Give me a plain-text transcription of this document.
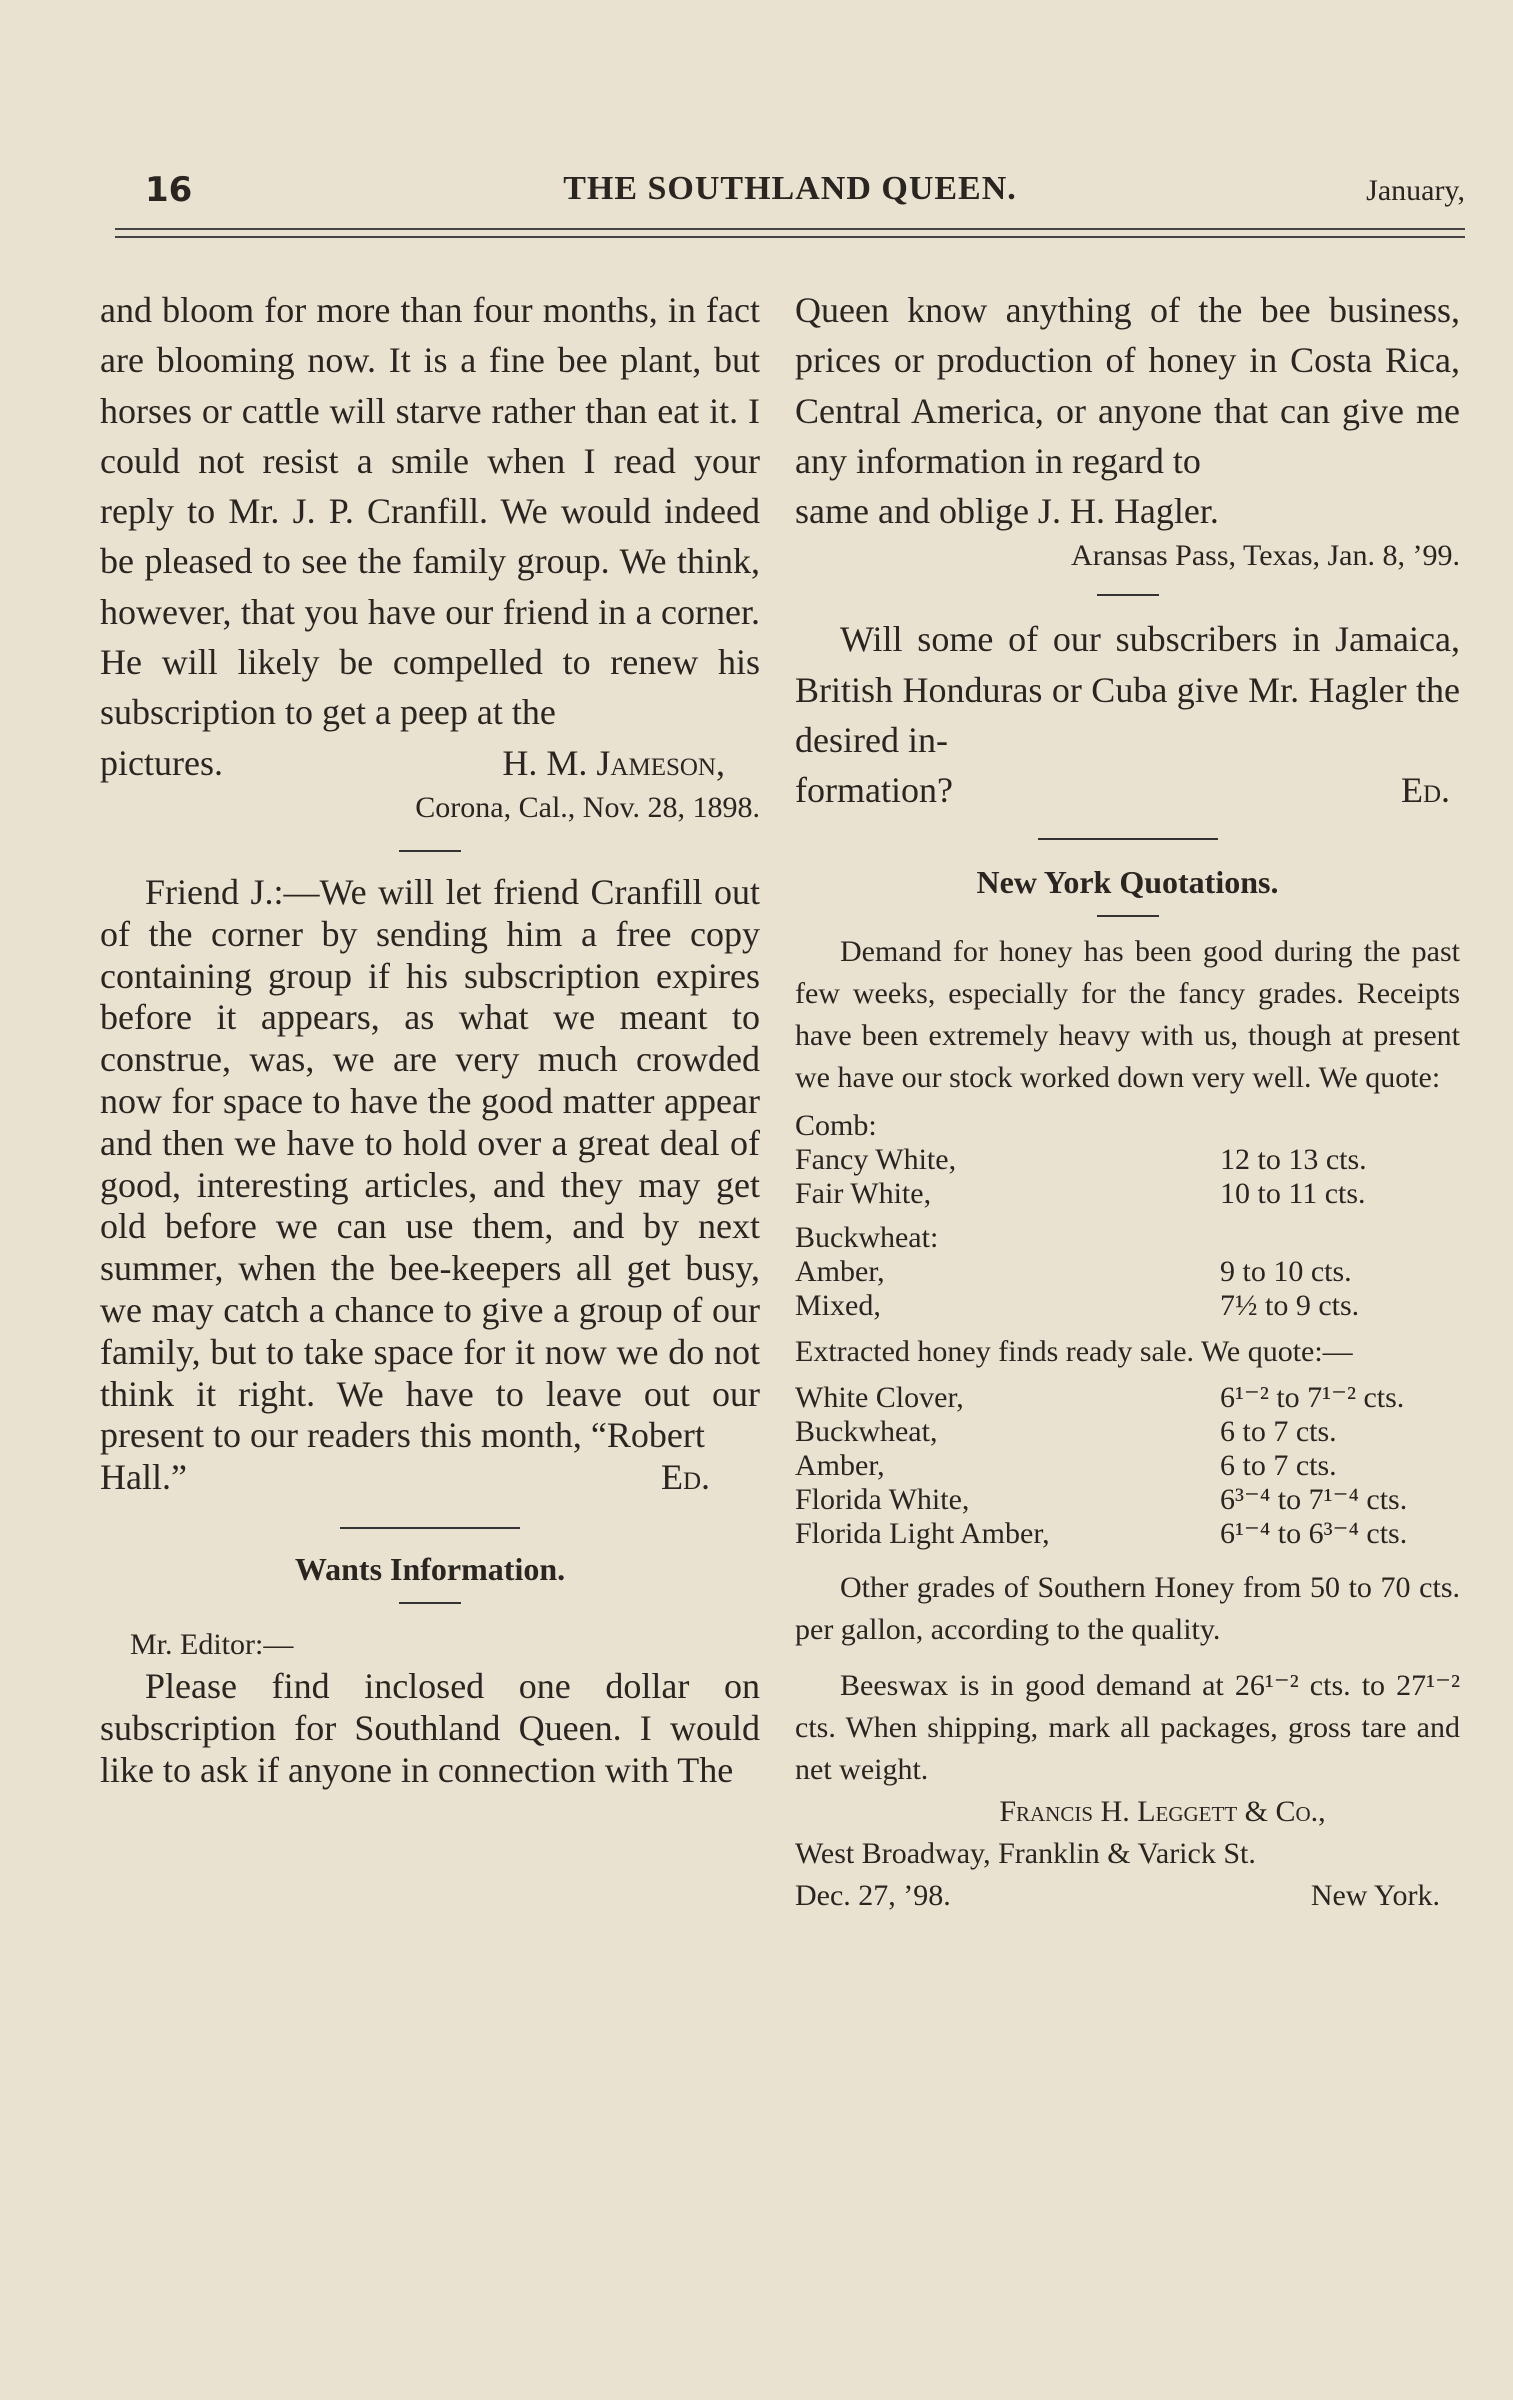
16	THE SOUTHLAND QUEEN.	January,

and bloom for more than four months, in fact are blooming now. It is a fine bee plant, but horses or cattle will starve rather than eat it. I could not resist a smile when I read your reply to Mr. J. P. Cranfill. We would indeed be pleased to see the family group. We think, however, that you have our friend in a corner. He will likely be compelled to renew his subscription to get a peep at the

pictures.	H. M. Jameson,
Corona, Cal., Nov. 28, 1898.

Friend J.:—We will let friend Cranfill out of the corner by sending him a free copy containing group if his subscription expires before it appears, as what we meant to construe, was, we are very much crowded now for space to have the good matter appear and then we have to hold over a great deal of good, interesting articles, and they may get old before we can use them, and by next summer, when the bee-keepers all get busy, we may catch a chance to give a group of our family, but to take space for it now we do not think it right. We have to leave out our present to our readers this month, “Robert

Hall.”	Ed.
Wants Information.
Mr. Editor:—

Please find inclosed one dollar on subscription for Southland Queen. I would like to ask if anyone in connection with The

Queen know anything of the bee business, prices or production of honey in Costa Rica, Central America, or anyone that can give me any information in regard to

same and oblige J. H. Hagler.
Aransas Pass, Texas, Jan. 8, ’99.

Will some of our subscribers in Jamaica, British Honduras or Cuba give Mr. Hagler the desired in-

formation?	Ed.
New York Quotations.

Demand for honey has been good during the past few weeks, especially for the fancy grades. Receipts have been extremely heavy with us, though at present we have our stock worked down very well. We quote:

Comb:
Fancy White,	12 to 13 cts.
Fair White,	10 to 11 cts.
Buckwheat:
Amber,	9 to 10 cts.
Mixed,	7½ to 9 cts.

Extracted honey finds ready sale. We quote:—

White Clover,	6¹⁻² to 7¹⁻² cts.
Buckwheat,	6 to 7 cts.
Amber,	6 to 7 cts.
Florida White,	6³⁻⁴ to 7¹⁻⁴ cts.
Florida Light Amber,	6¹⁻⁴ to 6³⁻⁴ cts.

Other grades of Southern Honey from 50 to 70 cts. per gallon, according to the quality.

Beeswax is in good demand at 26¹⁻² cts. to 27¹⁻² cts. When shipping, mark all packages, gross tare and net weight.

Francis H. Leggett & Co.,
West Broadway, Franklin & Varick St.
Dec. 27, ’98.	New York.
